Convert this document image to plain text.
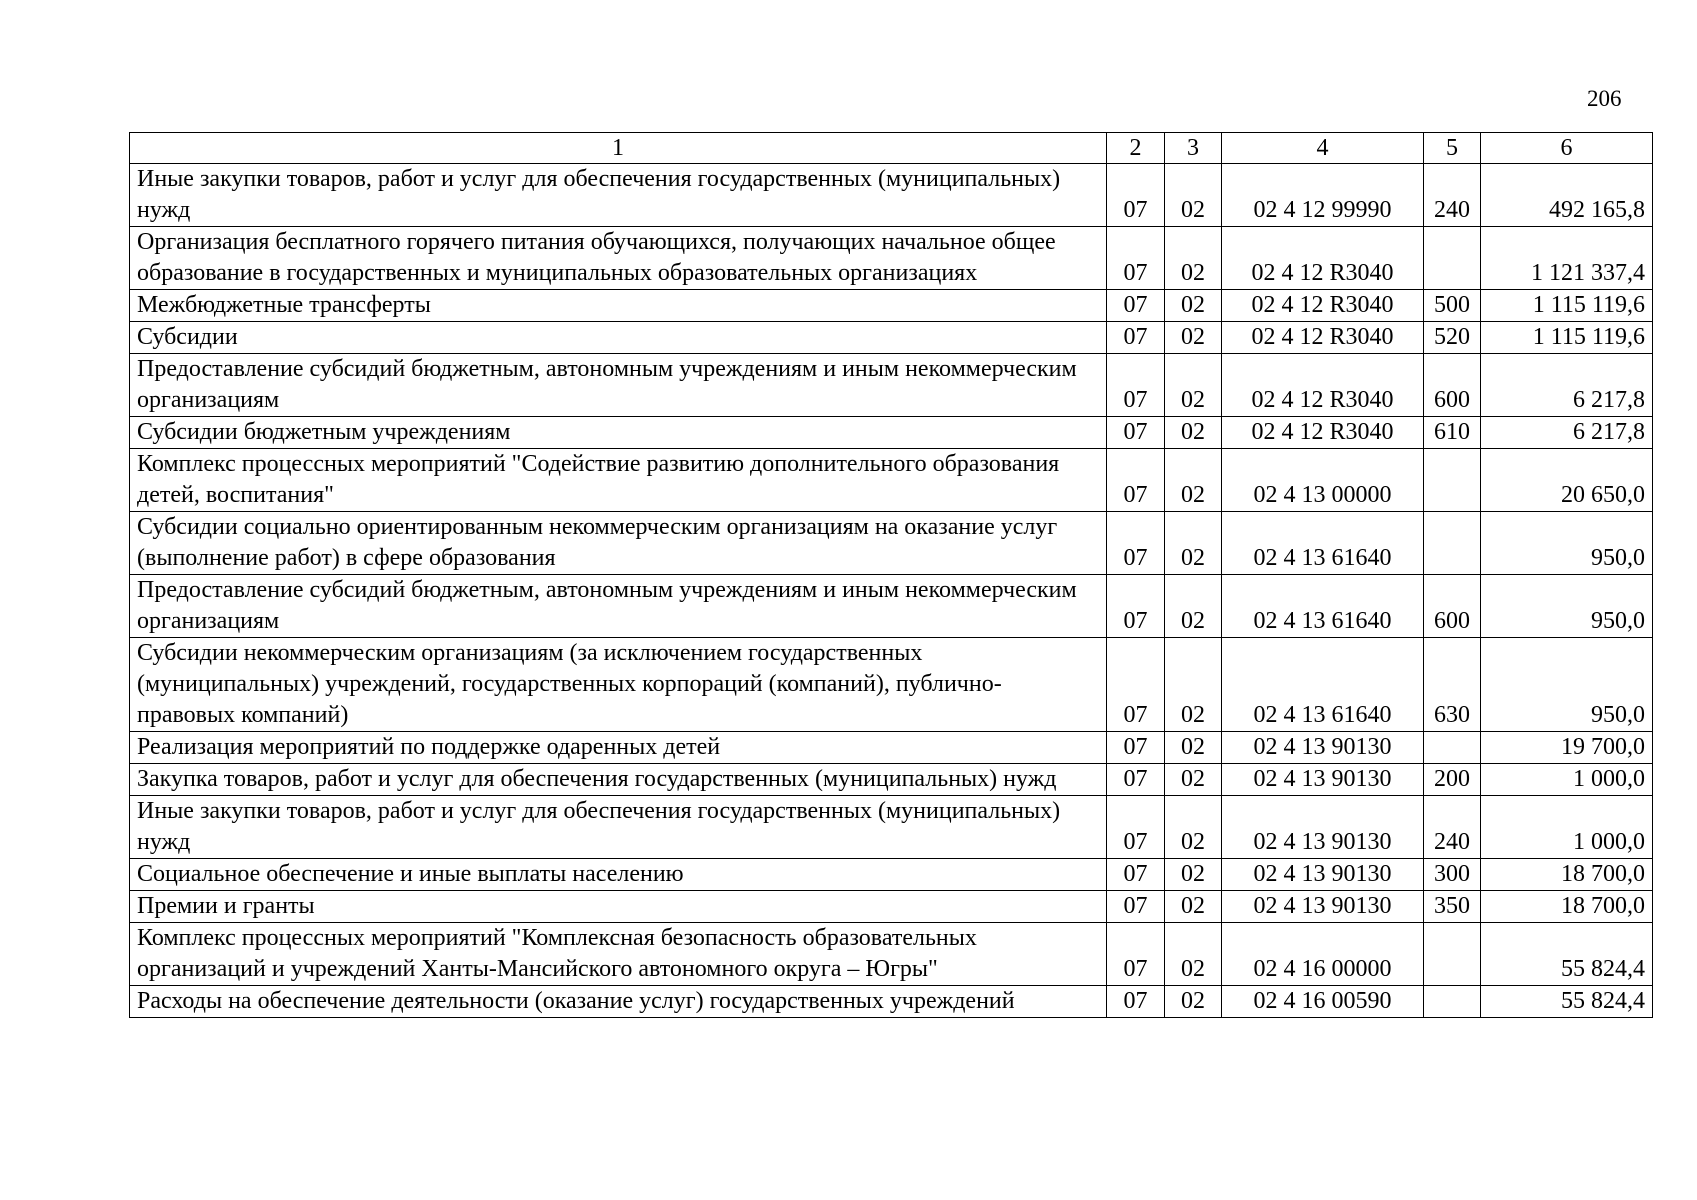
206
1	2	3	4	5	6
Иные закупки товаров, работ и услуг для обеспечения государственных (муниципальных) нужд	07	02	02 4 12 99990	240	492 165,8
Организация бесплатного горячего питания обучающихся, получающих начальное общее образование в государственных и муниципальных образовательных организациях	07	02	02 4 12 R3040		1 121 337,4
Межбюджетные трансферты	07	02	02 4 12 R3040	500	1 115 119,6
Субсидии	07	02	02 4 12 R3040	520	1 115 119,6
Предоставление субсидий бюджетным, автономным учреждениям и иным некоммерческим организациям	07	02	02 4 12 R3040	600	6 217,8
Субсидии бюджетным учреждениям	07	02	02 4 12 R3040	610	6 217,8
Комплекс процессных мероприятий "Содействие развитию дополнительного образования детей, воспитания"	07	02	02 4 13 00000		20 650,0
Субсидии социально ориентированным некоммерческим организациям на оказание услуг (выполнение работ) в сфере образования	07	02	02 4 13 61640		950,0
Предоставление субсидий бюджетным, автономным учреждениям и иным некоммерческим организациям	07	02	02 4 13 61640	600	950,0
Субсидии некоммерческим организациям (за исключением государственных (муниципальных) учреждений, государственных корпораций (компаний), публично-правовых компаний)	07	02	02 4 13 61640	630	950,0
Реализация мероприятий по поддержке одаренных детей	07	02	02 4 13 90130		19 700,0
Закупка товаров, работ и услуг для обеспечения государственных (муниципальных) нужд	07	02	02 4 13 90130	200	1 000,0
Иные закупки товаров, работ и услуг для обеспечения государственных (муниципальных) нужд	07	02	02 4 13 90130	240	1 000,0
Социальное обеспечение и иные выплаты населению	07	02	02 4 13 90130	300	18 700,0
Премии и гранты	07	02	02 4 13 90130	350	18 700,0
Комплекс процессных мероприятий "Комплексная безопасность образовательных организаций и учреждений Ханты-Мансийского автономного округа – Югры"	07	02	02 4 16 00000		55 824,4
Расходы на обеспечение деятельности (оказание услуг) государственных учреждений	07	02	02 4 16 00590		55 824,4
